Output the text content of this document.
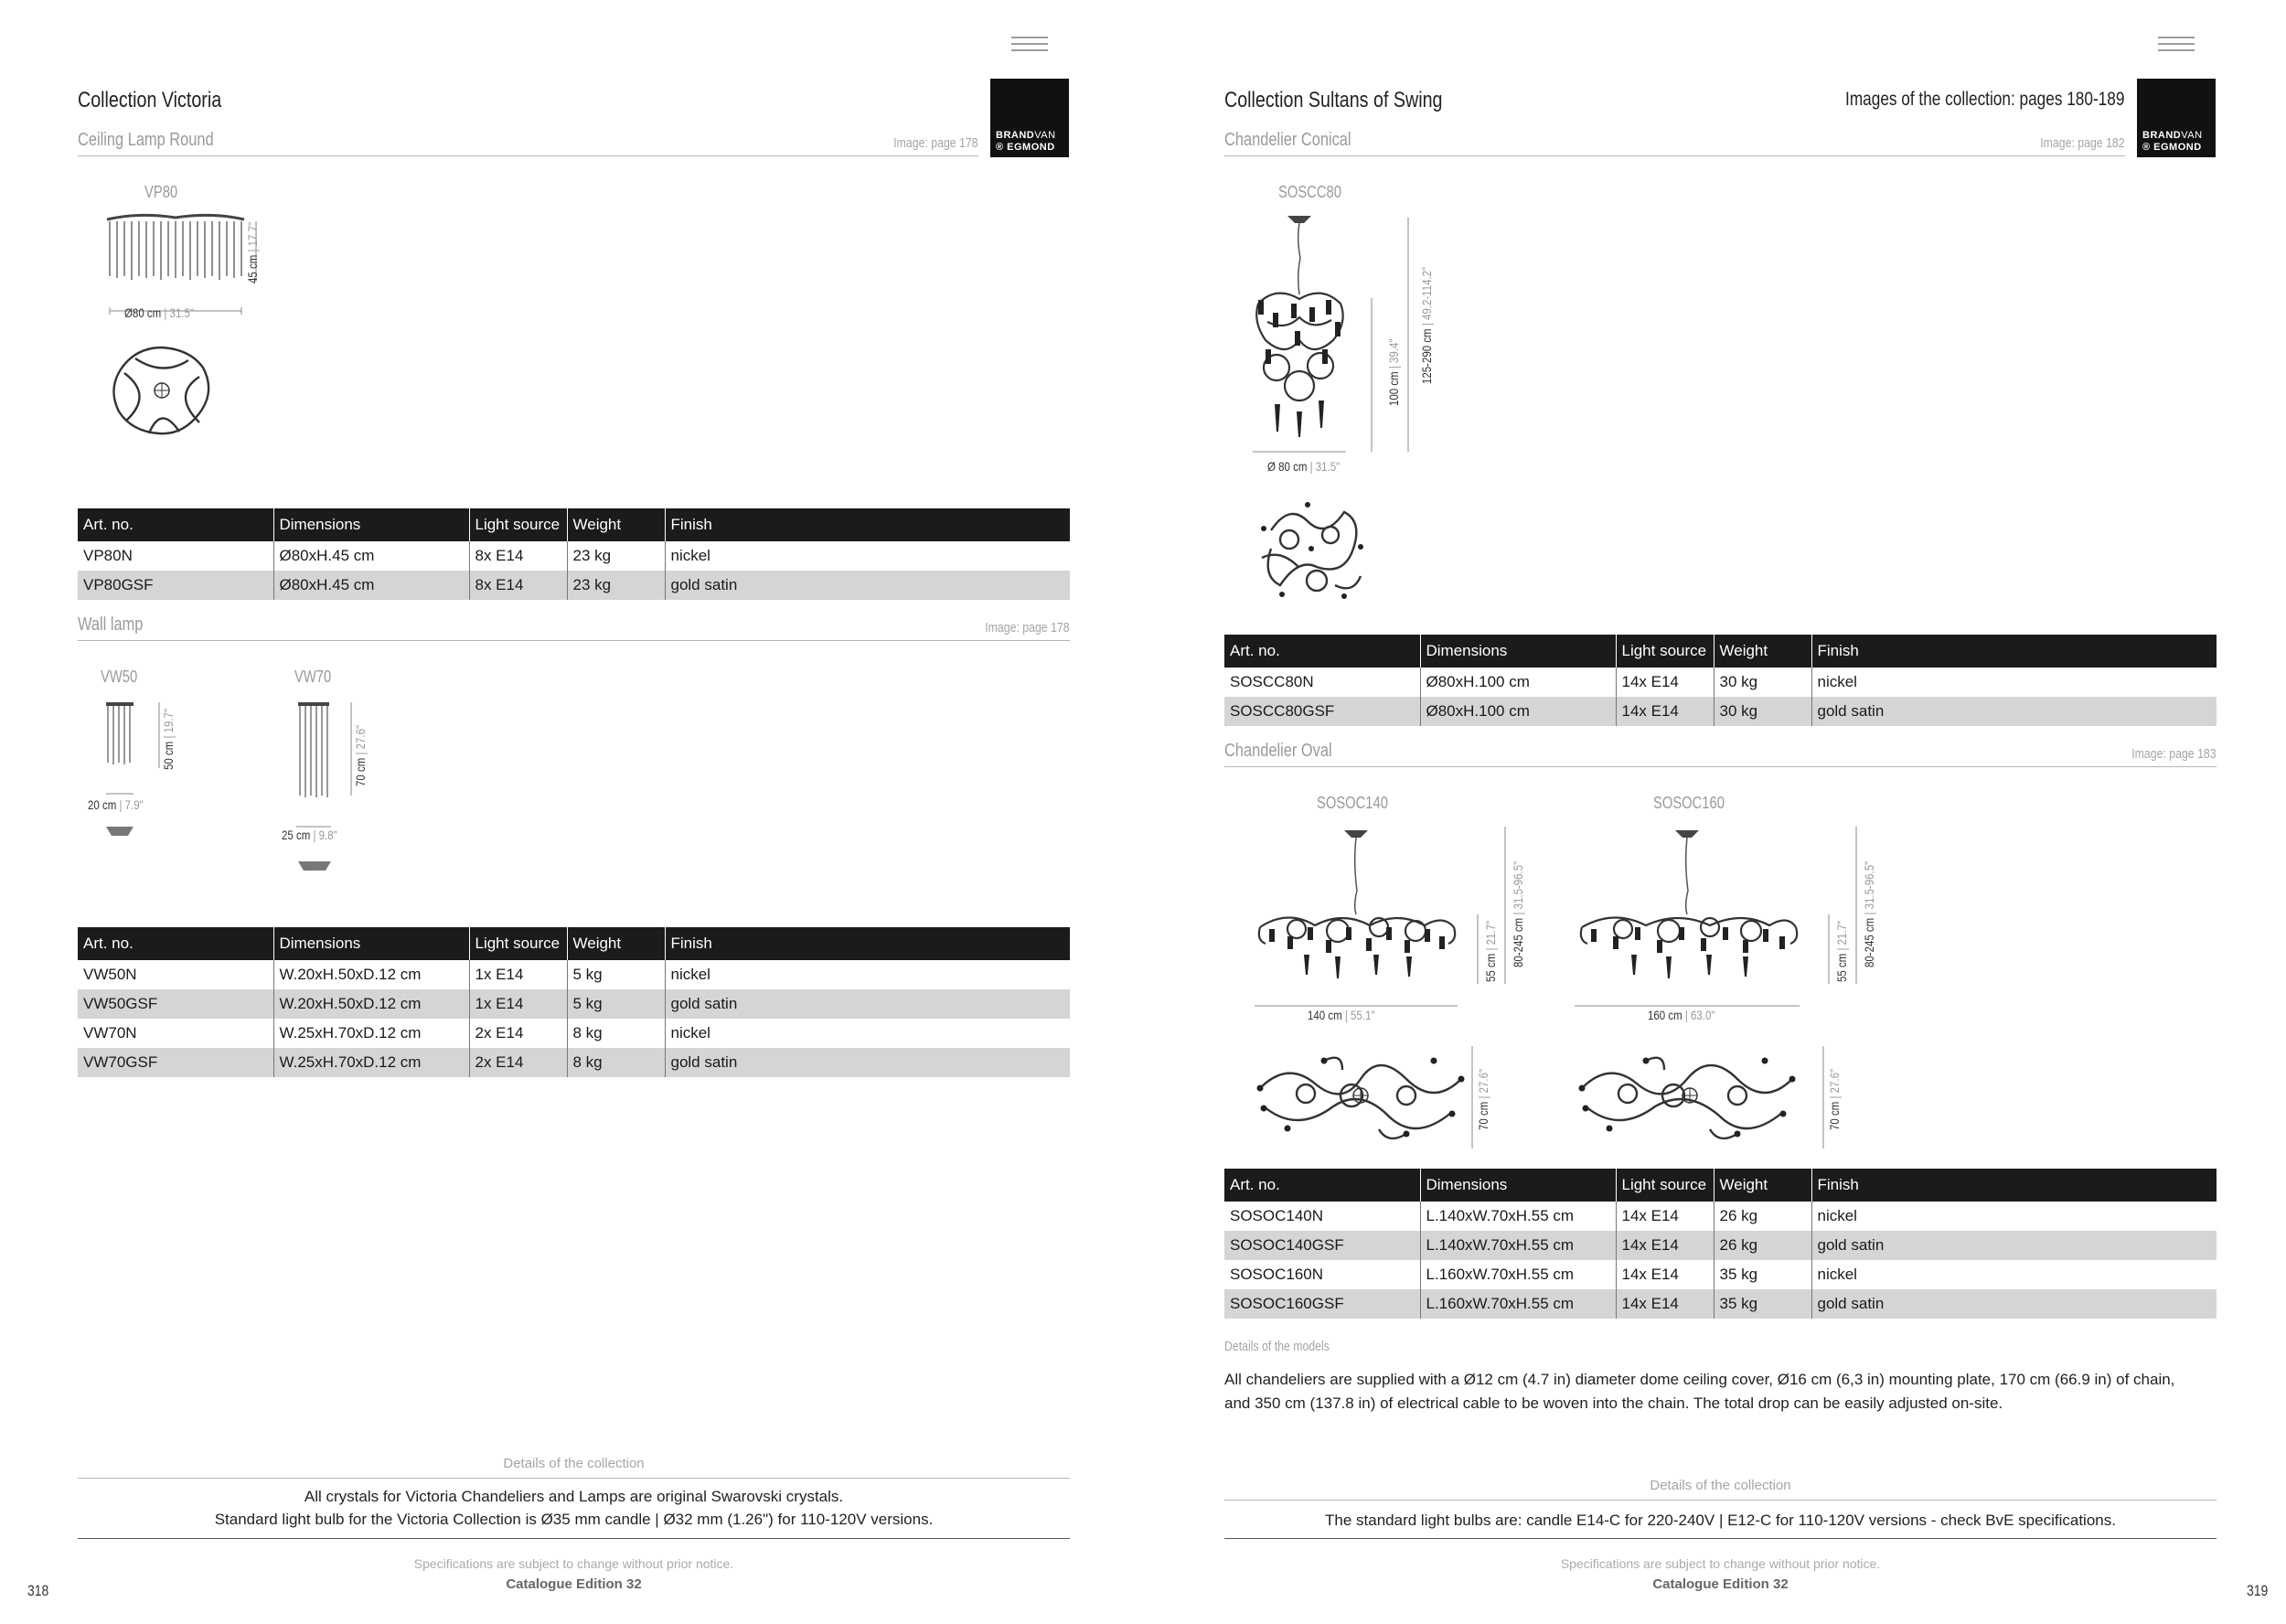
BRANDVAN
® EGMOND
Collection Victoria
Ceiling Lamp Round	Image: page 178
VP80
45 cm | 17.7"
Ø80 cm | 31.5"
Art. no.	Dimensions	Light source	Weight	Finish
VP80N	Ø80xH.45 cm	8x E14	23 kg	nickel
VP80GSF	Ø80xH.45 cm	8x E14	23 kg	gold satin
Wall lamp	Image: page 178
VW50	VW70
50 cm | 19.7"
20 cm | 7.9"
70 cm | 27.6"
25 cm | 9.8"
Art. no.	Dimensions	Light source	Weight	Finish
VW50N	W.20xH.50xD.12 cm	1x E14	5 kg	nickel
VW50GSF	W.20xH.50xD.12 cm	1x E14	5 kg	gold satin
VW70N	W.25xH.70xD.12 cm	2x E14	8 kg	nickel
VW70GSF	W.25xH.70xD.12 cm	2x E14	8 kg	gold satin
Details of the collection
All crystals for Victoria Chandeliers and Lamps are original Swarovski crystals.
Standard light bulb for the Victoria Collection is Ø35 mm candle | Ø32 mm (1.26") for 110-120V versions.
Specifications are subject to change without prior notice.
Catalogue Edition 32
318
BRANDVAN
® EGMOND
Collection Sultans of Swing	Images of the collection: pages 180-189
Chandelier Conical	Image: page 182
SOSCC80
100 cm | 39.4" 125-290 cm | 49.2-114.2"
Ø 80 cm | 31.5"
Art. no.	Dimensions	Light source	Weight	Finish
SOSCC80N	Ø80xH.100 cm	14x E14	30 kg	nickel
SOSCC80GSF	Ø80xH.100 cm	14x E14	30 kg	gold satin
Chandelier Oval	Image: page 183
SOSOC140	SOSOC160
55 cm | 21.7" 80-245 cm | 31.5-96.5"
140 cm | 55.1"
70 cm | 27.6"
55 cm | 21.7" 80-245 cm | 31.5-96.5"
160 cm | 63.0"
70 cm | 27.6"
Art. no.	Dimensions	Light source	Weight	Finish
SOSOC140N	L.140xW.70xH.55 cm	14x E14	26 kg	nickel
SOSOC140GSF	L.140xW.70xH.55 cm	14x E14	26 kg	gold satin
SOSOC160N	L.160xW.70xH.55 cm	14x E14	35 kg	nickel
SOSOC160GSF	L.160xW.70xH.55 cm	14x E14	35 kg	gold satin
Details of the models
All chandeliers are supplied with a Ø12 cm (4.7 in) diameter dome ceiling cover, Ø16 cm (6,3 in) mounting plate, 170 cm (66.9 in) of chain,
and 350 cm (137.8 in) of electrical cable to be woven into the chain. The total drop can be easily adjusted on-site.
Details of the collection
The standard light bulbs are: candle E14-C for 220-240V | E12-C for 110-120V versions - check BvE specifications.
Specifications are subject to change without prior notice.
Catalogue Edition 32	319
